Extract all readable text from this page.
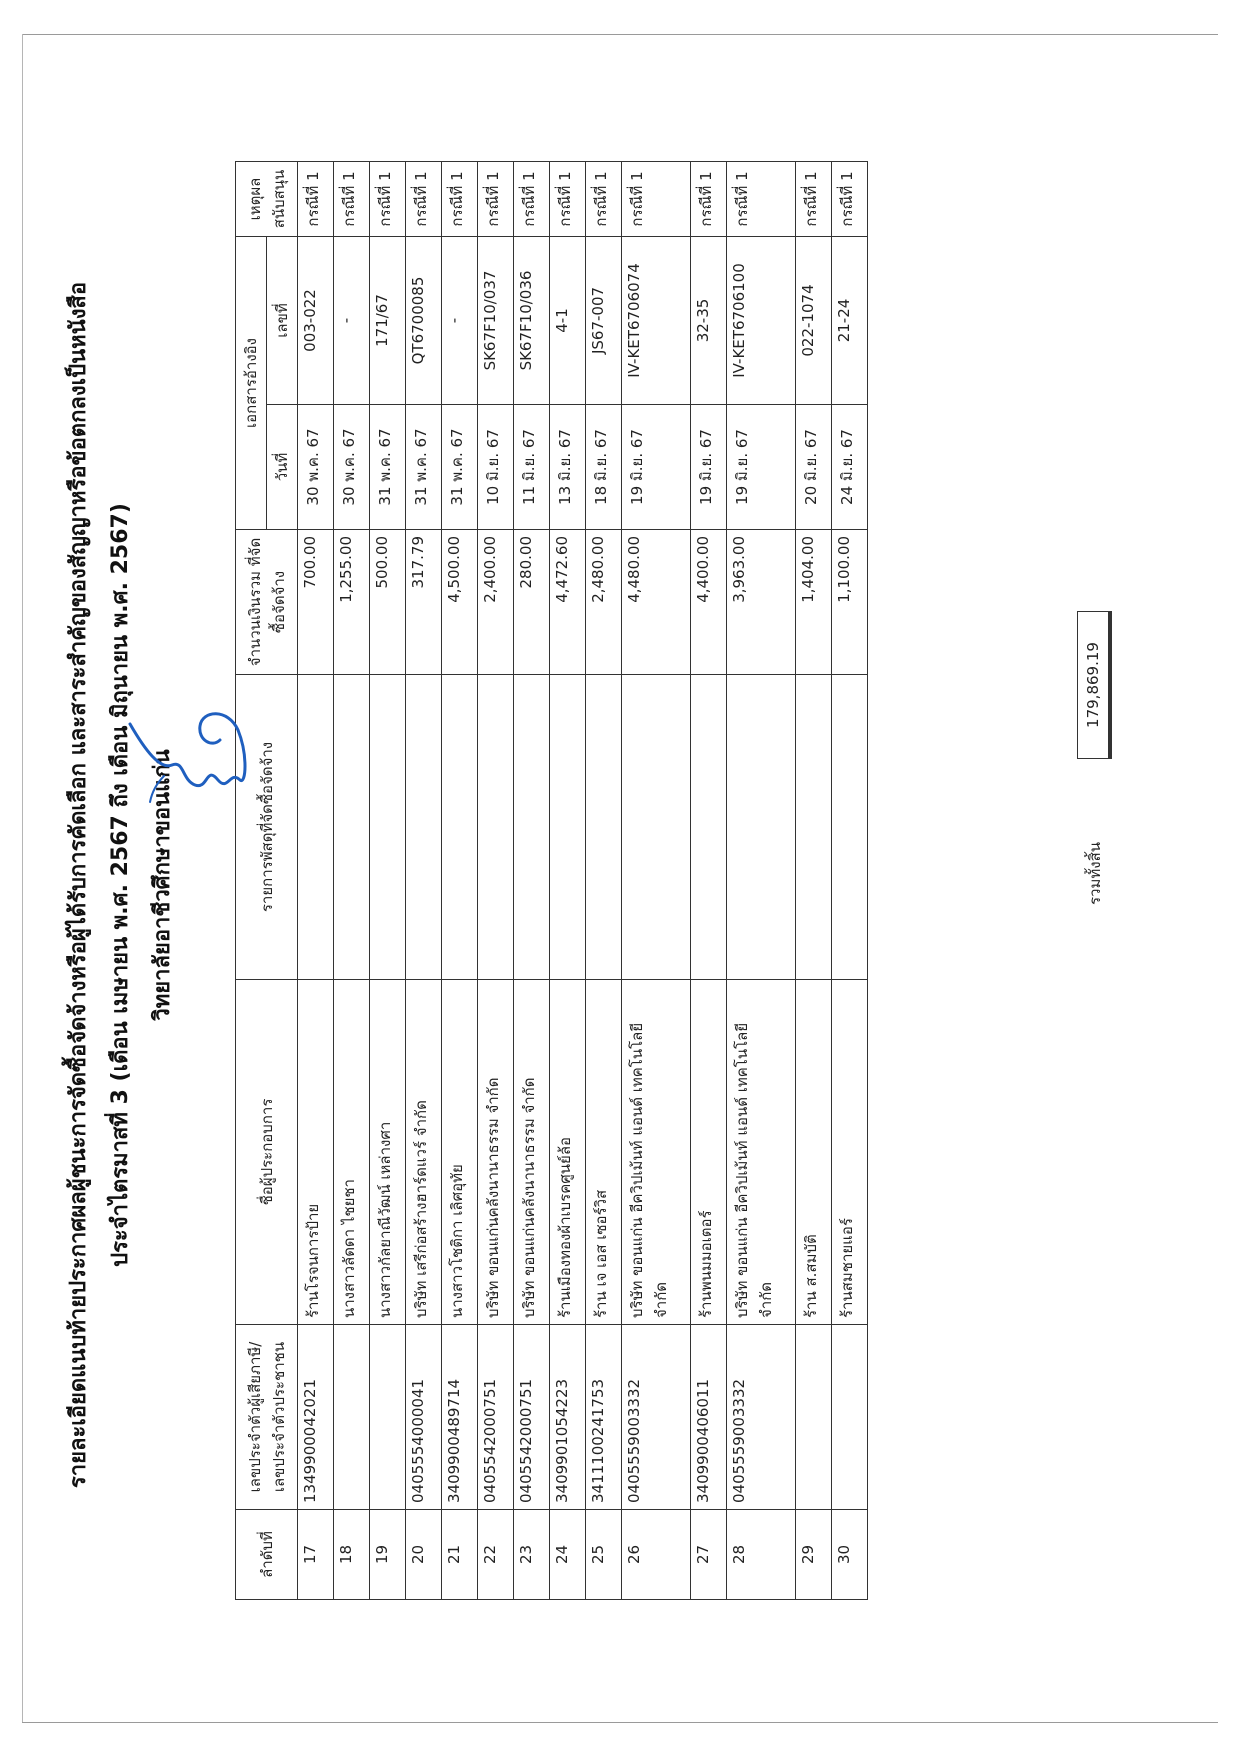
รายละเอียดแนบท้ายประกาศผลผู้ชนะการจัดซื้อจัดจ้างหรือผู้ได้รับการคัดเลือก และสาระสำคัญของสัญญาหรือข้อตกลงเป็นหนังสือ ประจำไตรมาสที่ 3 (เดือน เมษายน พ.ศ. 2567 ถึง เดือน มิถุนายน พ.ศ. 2567) วิทยาลัยอาชีวศึกษาขอนแก่น
ลำดับที่	เลขประจำตัวผู้เสียภาษี/ เลขประจำตัวประชาชน	ชื่อผู้ประกอบการ	รายการพัสดุที่จัดซื้อจัดจ้าง	จำนวนเงินรวม ที่จัดซื้อจัดจ้าง	เอกสารอ้างอิง		เหตุผลสนับสนุน
					วันที่	เลขที่	
17	1349900042021	ร้านโรจนการป้าย		700.00	30 พ.ค. 67	003-022	กรณีที่ 1
18		นางสาวลัดดา ไชยชา		1,255.00	30 พ.ค. 67	-	กรณีที่ 1
19		นางสาวกัลยาณีวัฒน์ เหล่างศา		500.00	31 พ.ค. 67	171/67	กรณีที่ 1
20	0405554000041	บริษัท เสรีก่อสร้างฮาร์ดแวร์ จำกัด		317.79	31 พ.ค. 67	QT6700085	กรณีที่ 1
21	3409900489714	นางสาวโชติกา เลิศอุทัย		4,500.00	31 พ.ค. 67	-	กรณีที่ 1
22	0405542000751	บริษัท ขอนแก่นคลังนานาธรรม จำกัด		2,400.00	10 มิ.ย. 67	SK67F10/037	กรณีที่ 1
23	0405542000751	บริษัท ขอนแก่นคลังนานาธรรม จำกัด		280.00	11 มิ.ย. 67	SK67F10/036	กรณีที่ 1
24	3409901054223	ร้านเมืองทองผ้าเบรคศูนย์ล้อ		4,472.60	13 มิ.ย. 67	4-1	กรณีที่ 1
25	3411100241753	ร้าน เจ เอส เซอร์วิส		2,480.00	18 มิ.ย. 67	JS67-007	กรณีที่ 1
26	0405559003332	บริษัท ขอนแก่น อีควิปเม้นท์ แอนด์ เทคโนโลยี จำกัด		4,480.00	19 มิ.ย. 67	IV-KET6706074	กรณีที่ 1
27	3409900406011	ร้านพนมมอเตอร์		4,400.00	19 มิ.ย. 67	32-35	กรณีที่ 1
28	0405559003332	บริษัท ขอนแก่น อีควิปเม้นท์ แอนด์ เทคโนโลยี จำกัด		3,963.00	19 มิ.ย. 67	IV-KET6706100	กรณีที่ 1
29		ร้าน ส.สมบัติ		1,404.00	20 มิ.ย. 67	022-1074	กรณีที่ 1
30		ร้านสมชายแอร์		1,100.00	24 มิ.ย. 67	21-24	กรณีที่ 1
รวมทั้งสิ้น
179,869.19
